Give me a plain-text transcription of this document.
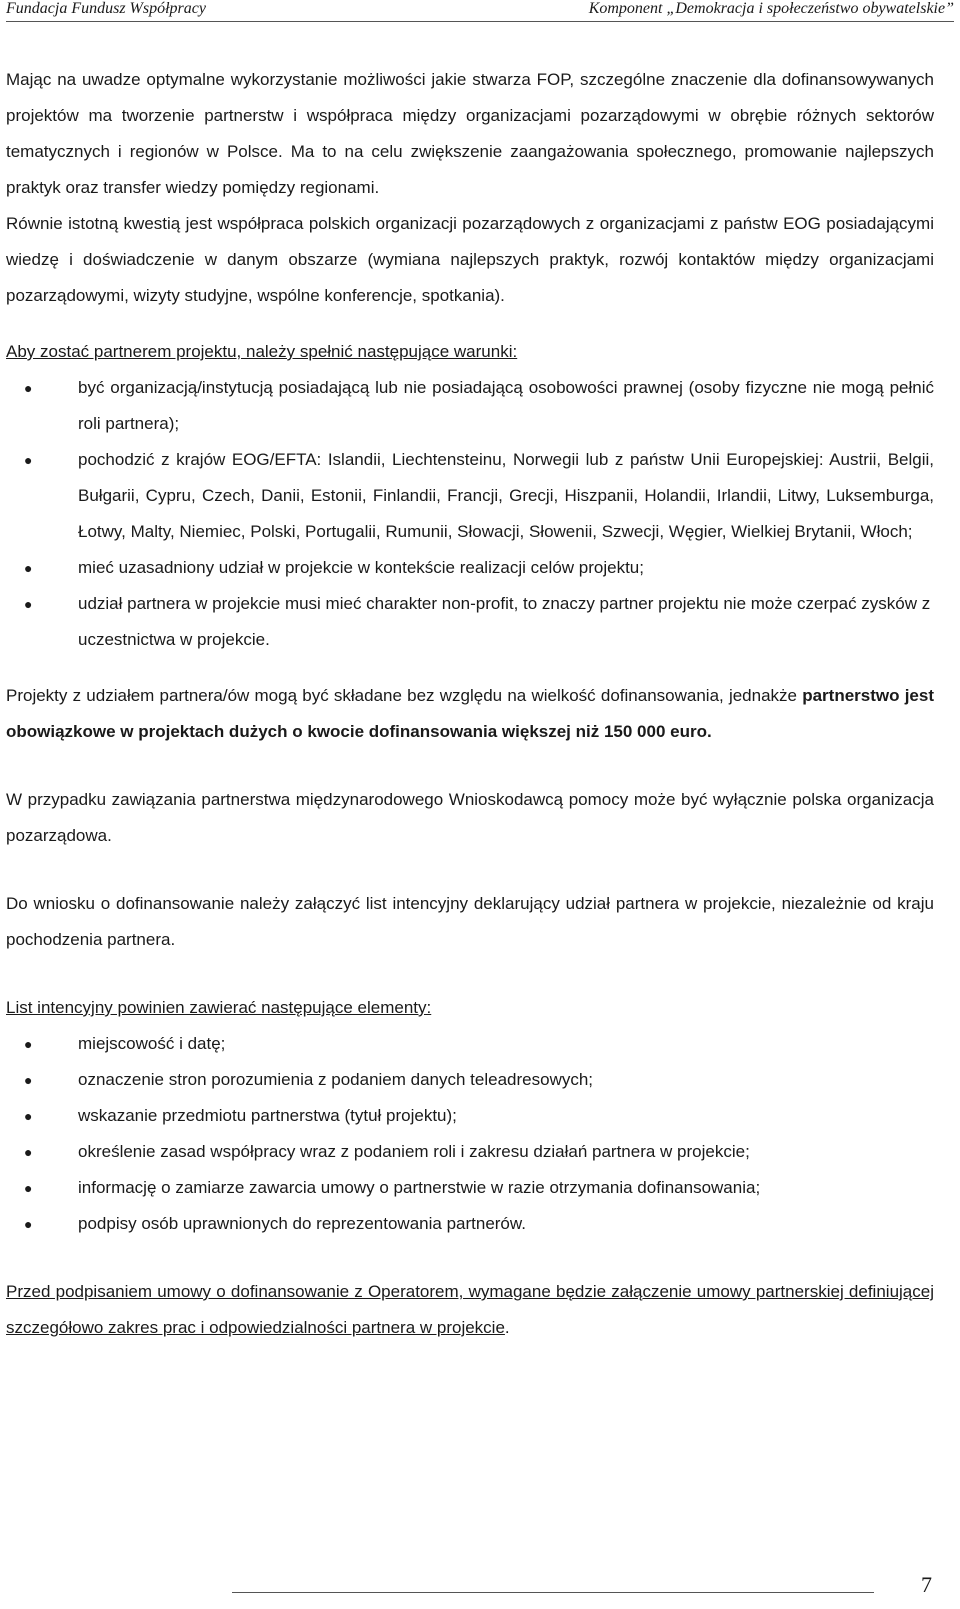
Fundacja Fundusz Współpracy	Komponent „Demokracja i społeczeństwo obywatelskie”

Mając na uwadze optymalne wykorzystanie możliwości jakie stwarza FOP, szczególne znaczenie dla dofinansowywanych projektów ma tworzenie partnerstw i współpraca między organizacjami pozarządowymi w obrębie różnych sektorów tematycznych i regionów w Polsce. Ma to na celu zwiększenie zaangażowania społecznego, promowanie najlepszych praktyk oraz transfer wiedzy pomiędzy regionami.

Równie istotną kwestią jest współpraca polskich organizacji pozarządowych z organizacjami z państw EOG posiadającymi wiedzę i doświadczenie w danym obszarze (wymiana najlepszych praktyk, rozwój kontaktów między organizacjami pozarządowymi, wizyty studyjne, wspólne konferencje, spotkania).

Aby zostać partnerem projektu, należy spełnić następujące warunki:

●	być organizacją/instytucją posiadającą lub nie posiadającą osobowości prawnej (osoby fizyczne nie mogą pełnić roli partnera);
●	pochodzić z krajów EOG/EFTA: Islandii, Liechtensteinu, Norwegii lub z państw Unii Europejskiej: Austrii, Belgii, Bułgarii, Cypru, Czech, Danii, Estonii, Finlandii, Francji, Grecji, Hiszpanii, Holandii, Irlandii, Litwy, Luksemburga, Łotwy, Malty, Niemiec, Polski, Portugalii, Rumunii, Słowacji, Słowenii, Szwecji, Węgier, Wielkiej Brytanii, Włoch;
●	mieć uzasadniony udział w projekcie w kontekście realizacji celów projektu;
●	udział partnera w projekcie musi mieć charakter non-profit, to znaczy partner projektu nie może czerpać zysków z uczestnictwa w projekcie.

Projekty z udziałem partnera/ów mogą być składane bez względu na wielkość dofinansowania, jednakże partnerstwo jest obowiązkowe w projektach dużych o kwocie dofinansowania większej niż 150 000 euro.

W przypadku zawiązania partnerstwa międzynarodowego Wnioskodawcą pomocy może być wyłącznie polska organizacja pozarządowa.

Do wniosku o dofinansowanie należy załączyć list intencyjny deklarujący udział partnera w projekcie, niezależnie od kraju pochodzenia partnera.

List intencyjny powinien zawierać następujące elementy:

●	miejscowość i datę;
●	oznaczenie stron porozumienia z podaniem danych teleadresowych;
●	wskazanie przedmiotu partnerstwa (tytuł projektu);
●	określenie zasad współpracy wraz z podaniem roli i zakresu działań partnera w projekcie;
●	informację o zamiarze zawarcia umowy o partnerstwie w razie otrzymania dofinansowania;
●	podpisy osób uprawnionych do reprezentowania partnerów.

Przed podpisaniem umowy o dofinansowanie z Operatorem, wymagane będzie załączenie umowy partnerskiej definiującej szczegółowo zakres prac i odpowiedzialności partnera w projekcie.

7
